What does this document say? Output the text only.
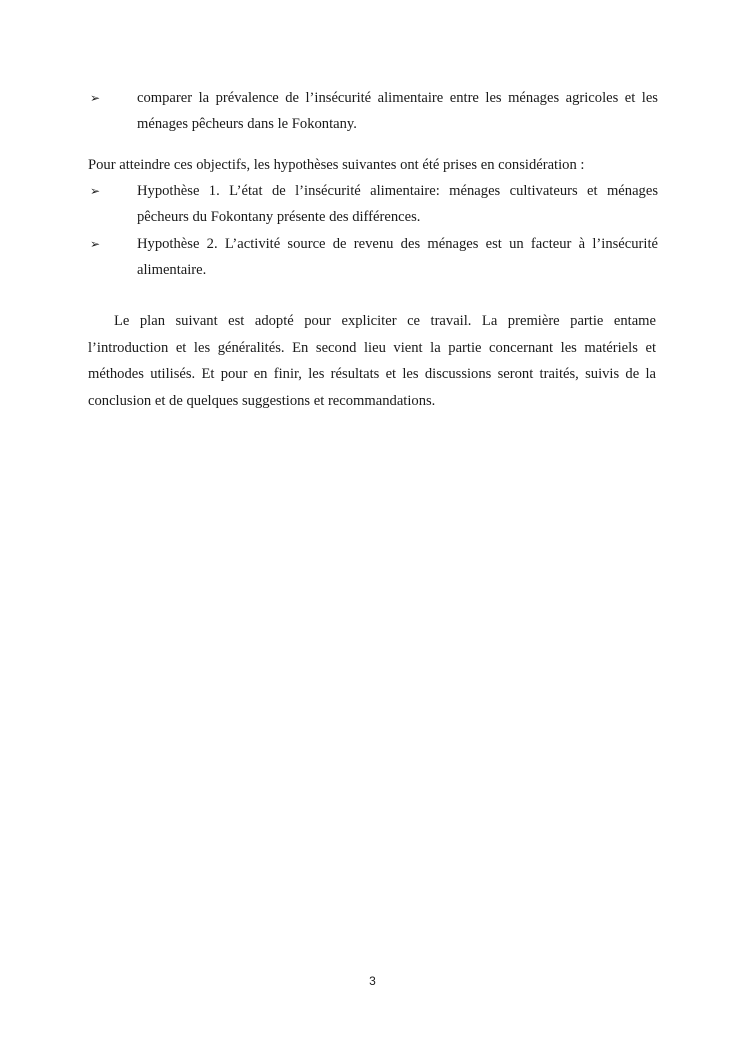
➢	comparer la prévalence de l’insécurité alimentaire entre les ménages agricoles et les ménages pêcheurs dans le Fokontany.
Pour atteindre ces objectifs, les hypothèses suivantes ont été prises en considération :
➢	Hypothèse 1. L’état de l’insécurité alimentaire: ménages cultivateurs et ménages pêcheurs du Fokontany présente des différences.
➢	Hypothèse 2. L’activité source de revenu des ménages est un facteur à l’insécurité alimentaire.
Le plan suivant est adopté pour expliciter ce travail. La première partie entame l’introduction et les généralités. En second lieu vient la partie concernant les matériels et méthodes utilisés. Et pour en finir, les résultats et les discussions seront traités, suivis de la conclusion et de quelques suggestions et recommandations.
3
